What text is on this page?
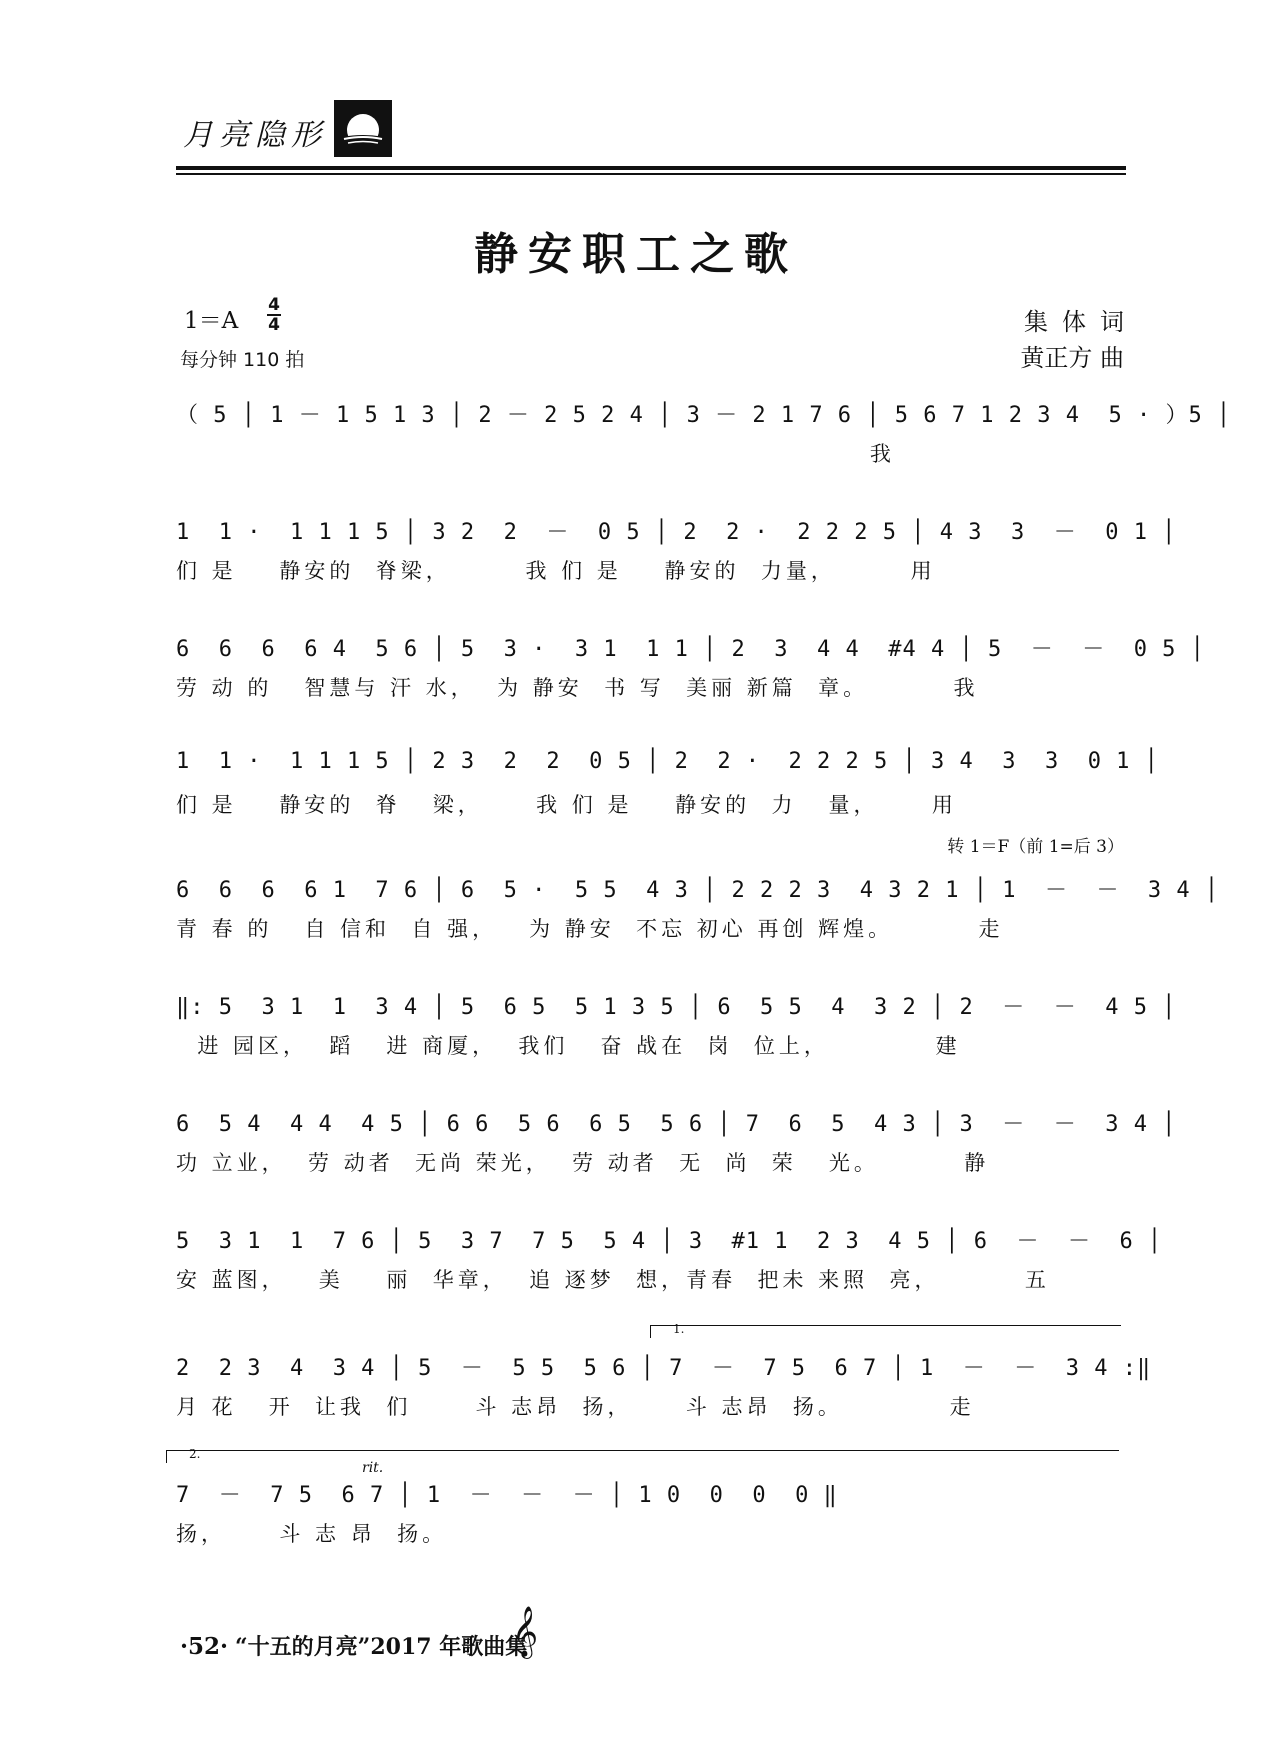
月亮隐形
静安职工之歌
1＝A
4
4
每分钟 110 拍
集体词
黄正方 曲
转 1＝F（前 1=后 3）
（ 5 │ 1 － 1 5 1 3 │ 2 － 2 5 2 4 │ 3 － 2 1 7 6 │ 5 6 7 1 2 3 4  5 · ）5 │
我
1  1 ·  1 1 1 5 │ 3 2  2  －  0 5 │ 2  2 ·  2 2 2 5 │ 4 3  3  －  0 1 │
们 是    静安的  脊梁，       我 们 是    静安的  力量，       用
6  6  6  6 4  5 6 │ 5  3 ·  3 1  1 1 │ 2  3  4 4  #4 4 │ 5  －  －  0 5 │
劳 动 的   智慧与 汗 水，  为 静安  书 写  美丽 新篇  章。        我
1  1 ·  1 1 1 5 │ 2 3  2  2  0 5 │ 2  2 ·  2 2 2 5 │ 3 4  3  3  0 1 │
们 是    静安的  脊   梁，     我 们 是    静安的  力   量，     用
6  6  6  6 1  7 6 │ 6  5 ·  5 5  4 3 │ 2 2 2 3  4 3 2 1 │ 1  －  －  3 4 │
青 春 的   自 信和  自 强，   为 静安  不忘 初心 再创 辉煌。        走
‖: 5  3 1  1  3 4 │ 5  6 5  5 1 3 5 │ 6  5 5  4  3 2 │ 2  －  －  4 5 │
进 园区，  蹈   进 商厦，  我们   奋 战在  岗  位上，          建
6  5 4  4 4  4 5 │ 6 6  5 6  6 5  5 6 │ 7  6  5  4 3 │ 3  －  －  3 4 │
功 立业，  劳 动者  无尚 荣光，  劳 动者  无  尚  荣   光。        静
5  3 1  1  7 6 │ 5  3 7  7 5  5 4 │ 3  #1 1  2 3  4 5 │ 6  －  －  6 │
安 蓝图，   美    丽  华章，  追 逐梦  想，青春  把未 来照  亮，        五
1.
2  2 3  4  3 4 │ 5  －  5 5  5 6 │ 7  －  7 5  6 7 │ 1  －  －  3 4 :‖
月 花   开  让我  们      斗 志昂  扬，     斗 志昂  扬。          走
2.
rit.
7  －  7 5  6 7 │ 1  －  －  － │ 1 0  0  0  0 ‖
扬，     斗 志 昂  扬。
·52· “十五的月亮”2017 年歌曲集
𝄞
